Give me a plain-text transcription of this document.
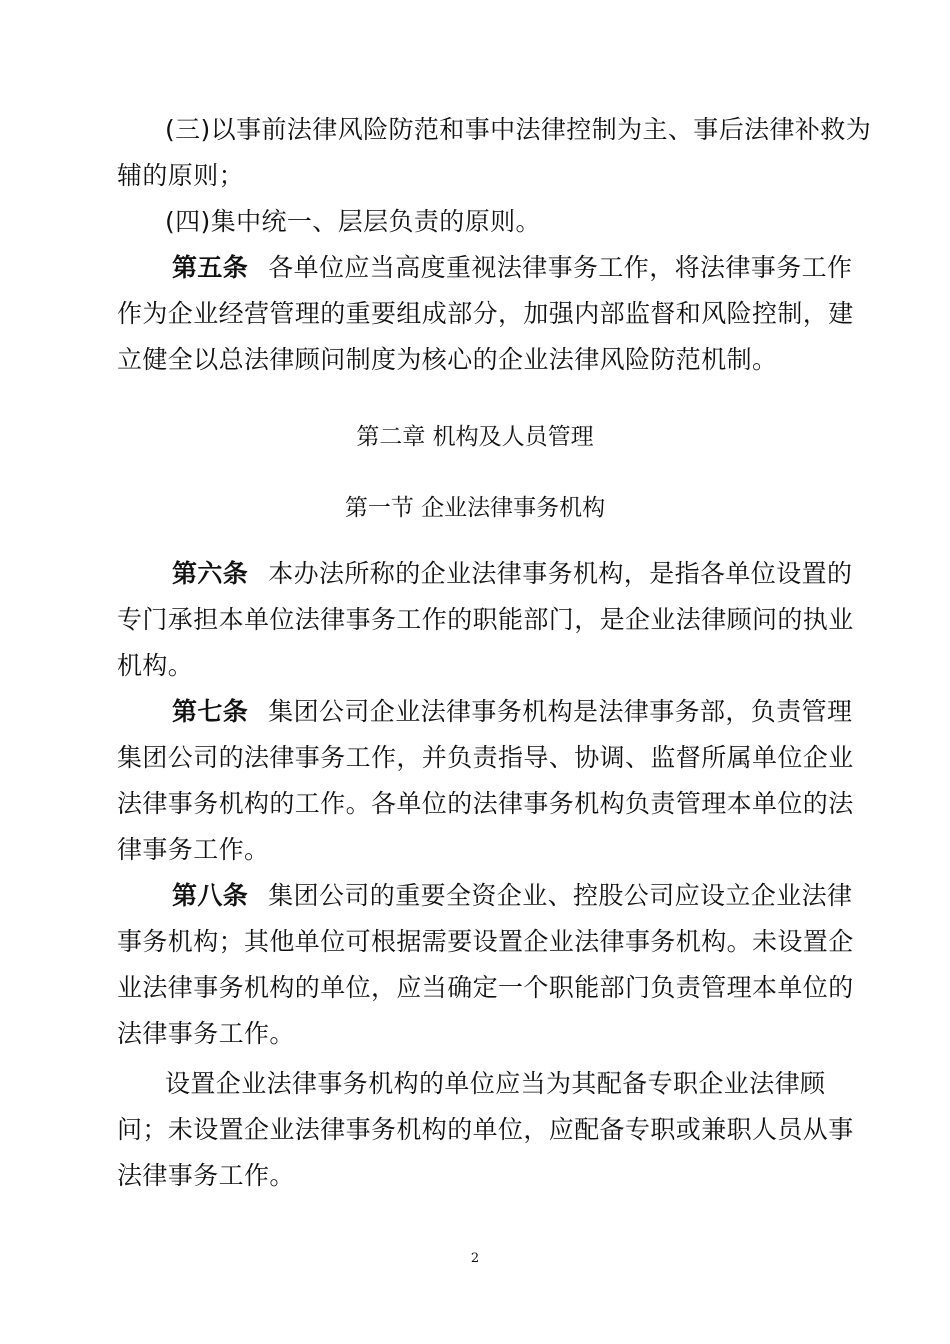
(三)以事前法律风险防范和事中法律控制为主、事后法律补救为
辅的原则；
(四)集中统一、层层负责的原则。
第五条 各单位应当高度重视法律事务工作，将法律事务工作
作为企业经营管理的重要组成部分，加强内部监督和风险控制，建
立健全以总法律顾问制度为核心的企业法律风险防范机制。
第二章 机构及人员管理
第一节 企业法律事务机构
第六条 本办法所称的企业法律事务机构，是指各单位设置的
专门承担本单位法律事务工作的职能部门，是企业法律顾问的执业
机构。
第七条 集团公司企业法律事务机构是法律事务部，负责管理
集团公司的法律事务工作，并负责指导、协调、监督所属单位企业
法律事务机构的工作。各单位的法律事务机构负责管理本单位的法
律事务工作。
第八条 集团公司的重要全资企业、控股公司应设立企业法律
事务机构；其他单位可根据需要设置企业法律事务机构。未设置企
业法律事务机构的单位，应当确定一个职能部门负责管理本单位的
法律事务工作。
设置企业法律事务机构的单位应当为其配备专职企业法律顾
问；未设置企业法律事务机构的单位，应配备专职或兼职人员从事
法律事务工作。
2
